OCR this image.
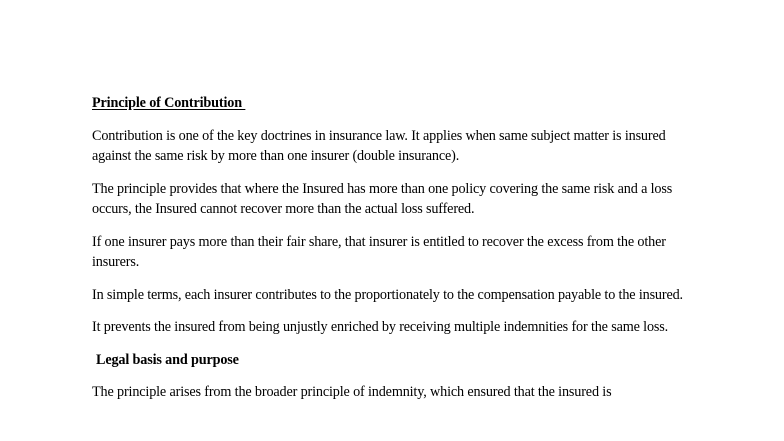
Principle of Contribution

Contribution is one of the key doctrines in insurance law. It applies when same subject matter is insured against the same risk by more than one insurer (double insurance).

The principle provides that where the Insured has more than one policy covering the same risk and a loss occurs, the Insured cannot recover more than the actual loss suffered.

If one insurer pays more than their fair share, that insurer is entitled to recover the excess from the other insurers.

In simple terms, each insurer contributes to the proportionately to the compensation payable to the insured.

It prevents the insured from being unjustly enriched by receiving multiple indemnities for the same loss.

Legal basis and purpose

The principle arises from the broader principle of indemnity, which ensured that the insured is
